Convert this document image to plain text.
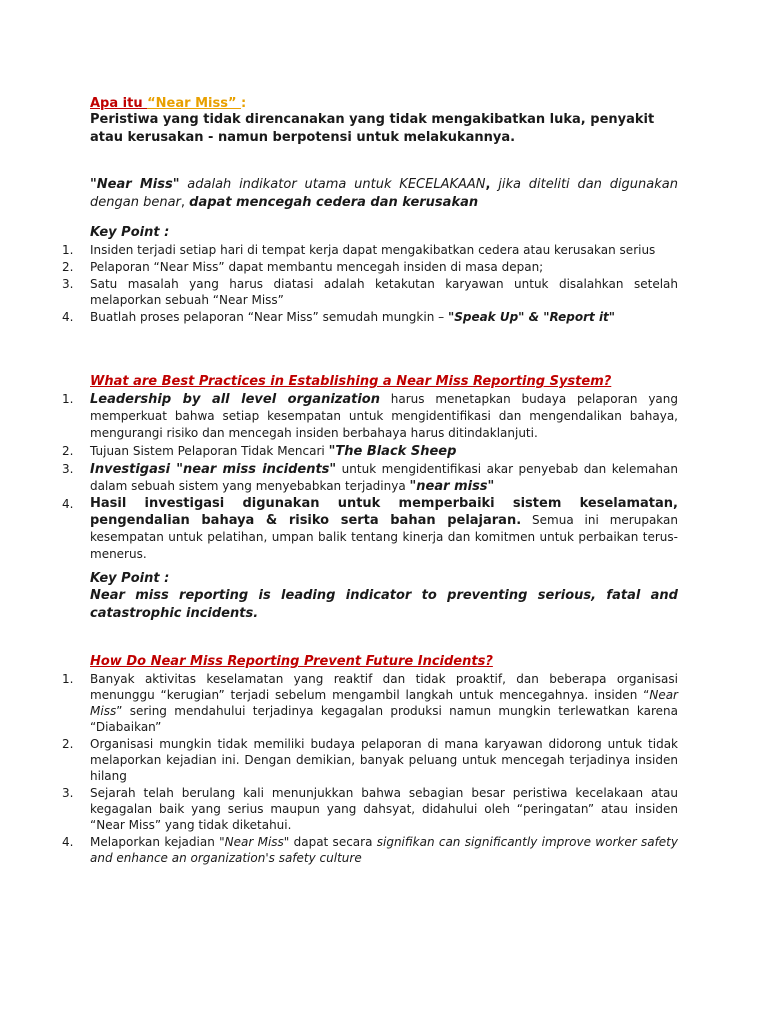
Apa itu “Near Miss” :
Peristiwa yang tidak direncanakan yang tidak mengakibatkan luka, penyakit atau kerusakan - namun berpotensi untuk melakukannya.
"Near Miss" adalah indikator utama untuk KECELAKAAN, jika diteliti dan digunakan dengan benar, dapat mencegah cedera dan kerusakan
Key Point :
1.	Insiden terjadi setiap hari di tempat kerja dapat mengakibatkan cedera atau kerusakan serius
2.	Pelaporan “Near Miss” dapat membantu mencegah insiden di masa depan;
3.	Satu masalah yang harus diatasi adalah ketakutan karyawan untuk disalahkan setelah melaporkan sebuah “Near Miss”
4.	Buatlah proses pelaporan “Near Miss” semudah mungkin – "Speak Up" & "Report it"
What are Best Practices in Establishing a Near Miss Reporting System?
1.	Leadership by all level organization harus menetapkan budaya pelaporan yang memperkuat bahwa setiap kesempatan untuk mengidentifikasi dan mengendalikan bahaya, mengurangi risiko dan mencegah insiden berbahaya harus ditindaklanjuti.
2.	Tujuan Sistem Pelaporan Tidak Mencari "The Black Sheep
3.	Investigasi "near miss incidents" untuk mengidentifikasi akar penyebab dan kelemahan dalam sebuah sistem yang menyebabkan terjadinya "near miss"
4.	Hasil investigasi digunakan untuk memperbaiki sistem keselamatan, pengendalian bahaya & risiko serta bahan pelajaran. Semua ini merupakan kesempatan untuk pelatihan, umpan balik tentang kinerja dan komitmen untuk perbaikan terus-menerus.
Key Point :
Near miss reporting is leading indicator to preventing serious, fatal and catastrophic incidents.
How Do Near Miss Reporting Prevent Future Incidents?
1.	Banyak aktivitas keselamatan yang reaktif dan tidak proaktif, dan beberapa organisasi menunggu “kerugian” terjadi sebelum mengambil langkah untuk mencegahnya. insiden “Near Miss” sering mendahului terjadinya kegagalan produksi namun mungkin terlewatkan karena “Diabaikan”
2.	Organisasi mungkin tidak memiliki budaya pelaporan di mana karyawan didorong untuk tidak melaporkan kejadian ini. Dengan demikian, banyak peluang untuk mencegah terjadinya insiden hilang
3.	Sejarah telah berulang kali menunjukkan bahwa sebagian besar peristiwa kecelakaan atau kegagalan baik yang serius maupun yang dahsyat, didahului oleh “peringatan” atau insiden “Near Miss” yang tidak diketahui.
4.	Melaporkan kejadian "Near Miss" dapat secara signifikan can significantly improve worker safety and enhance an organization's safety culture
